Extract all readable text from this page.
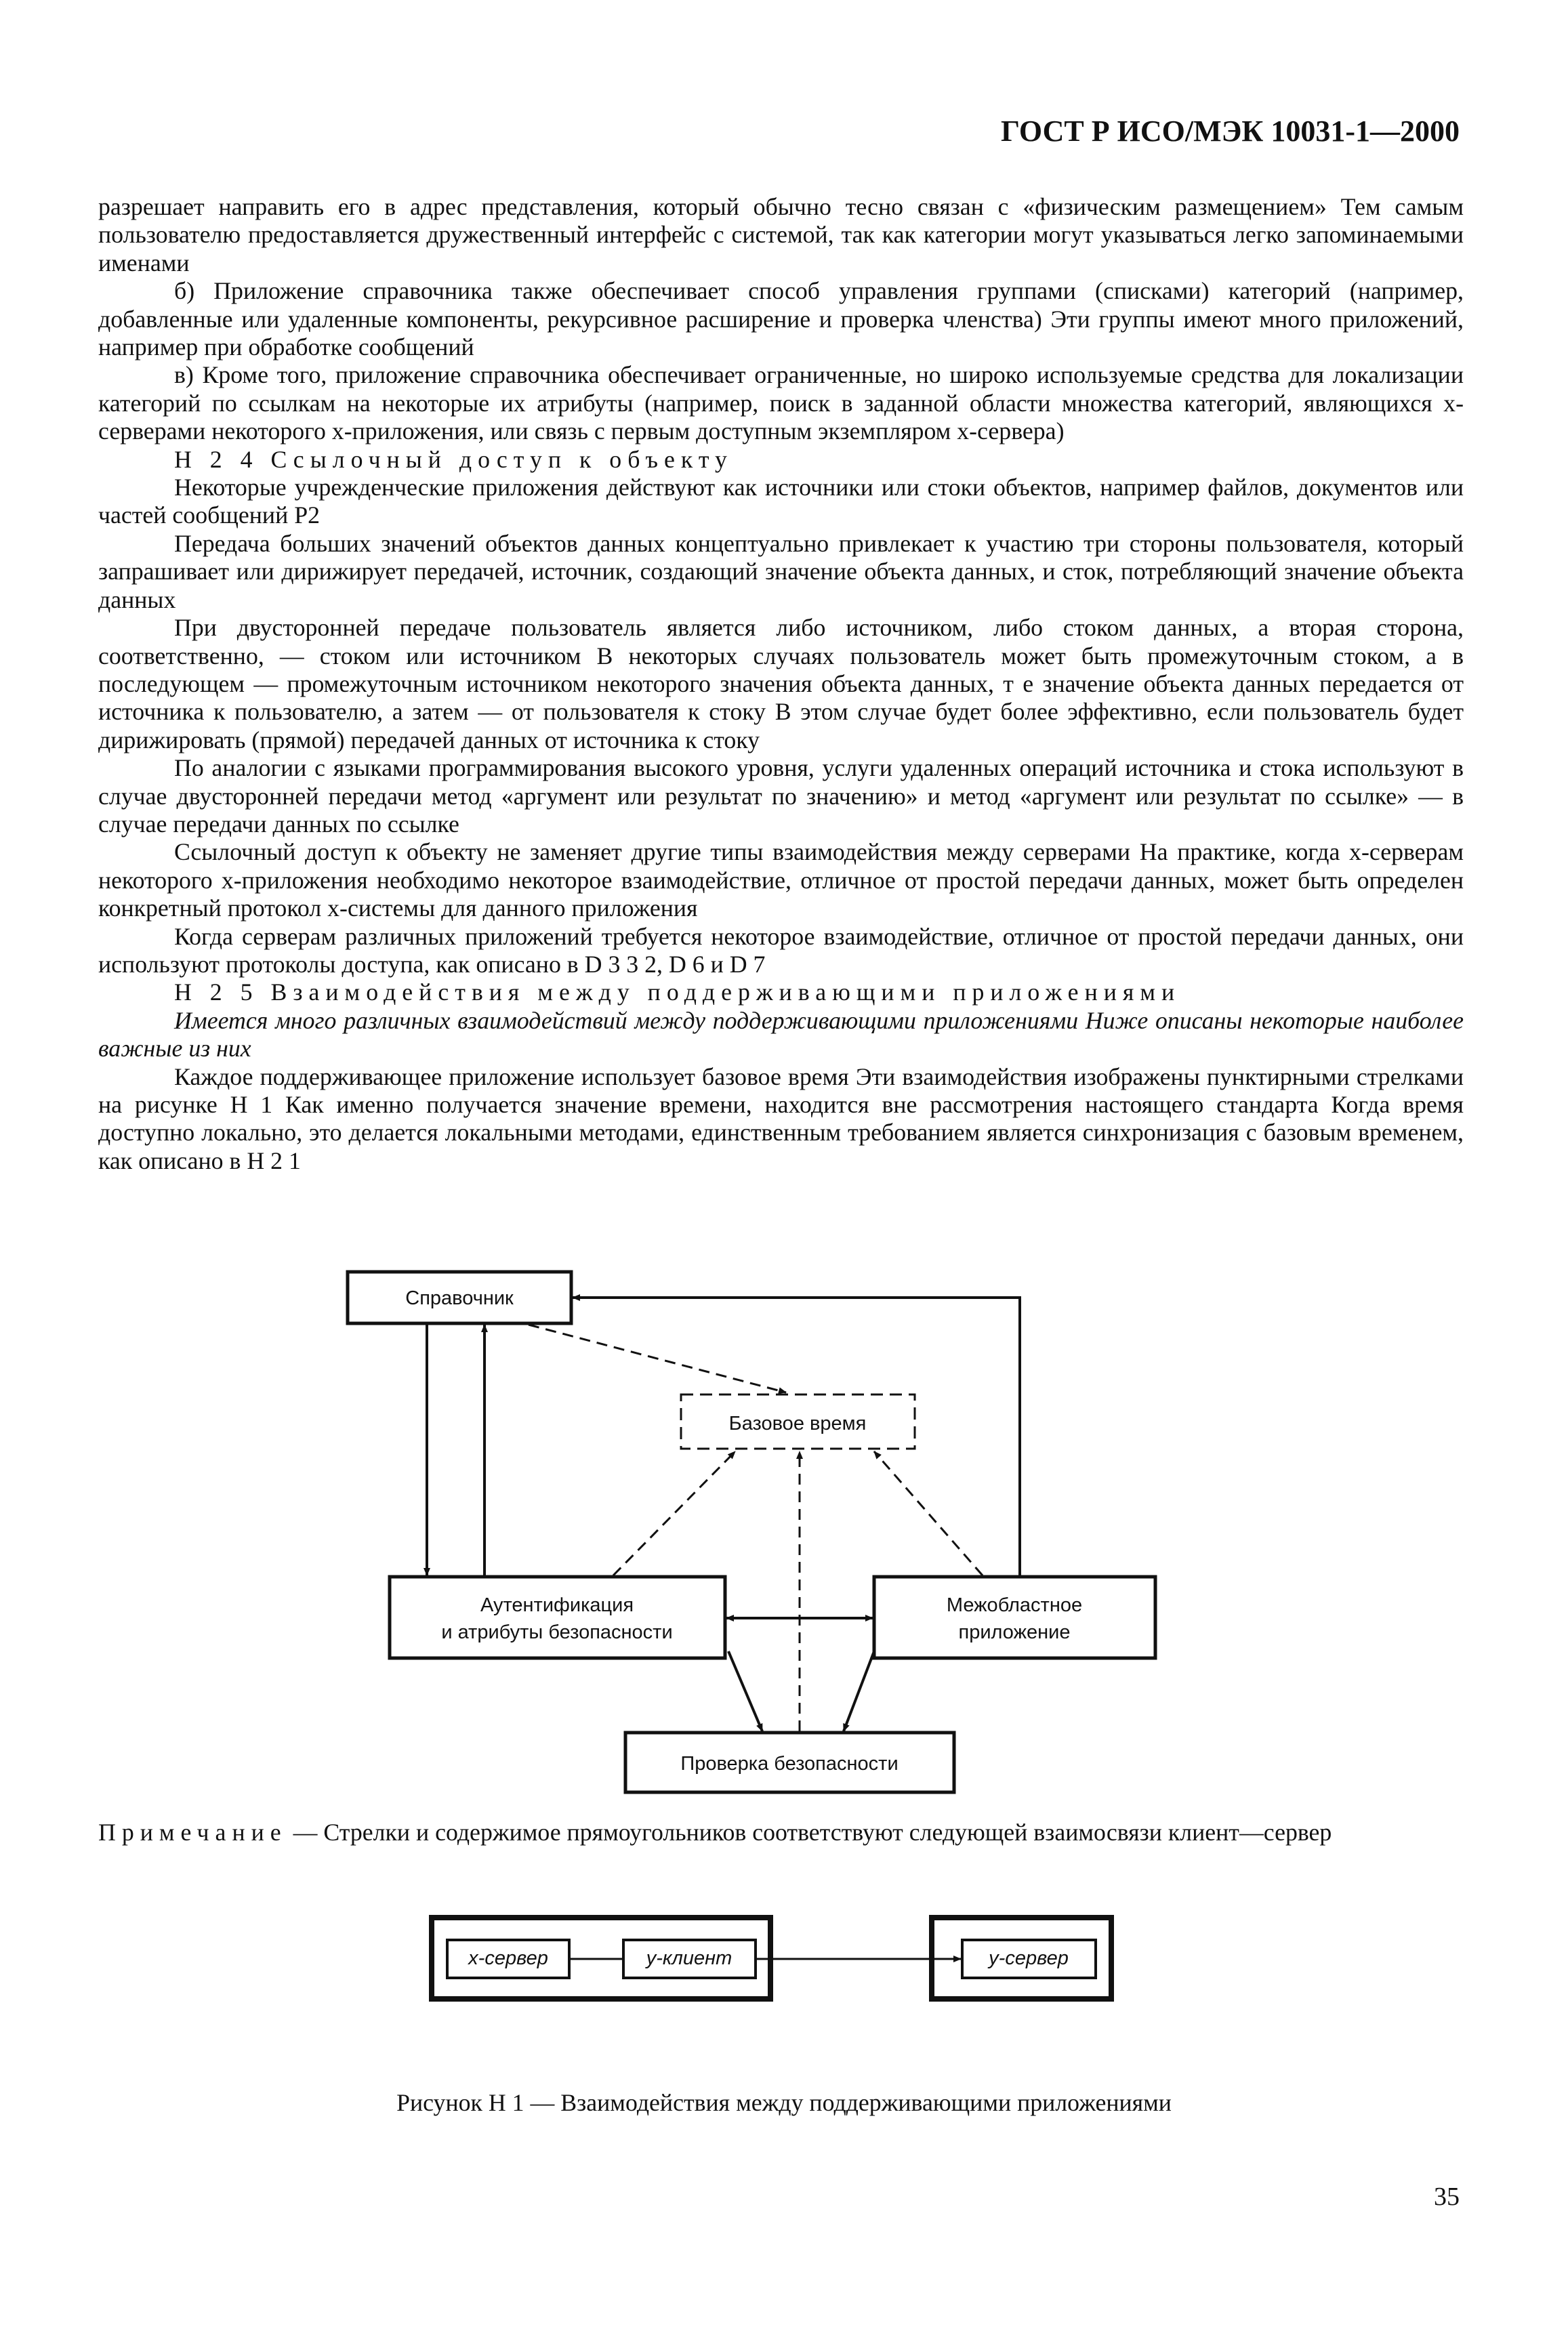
ГОСТ Р ИСО/МЭК 10031-1—2000

разрешает направить его в адрес представления, который обычно тесно связан с «физическим размещением» Тем самым пользователю предоставляется дружественный интерфейс с системой, так как категории могут указываться легко запоминаемыми именами

б) Приложение справочника также обеспечивает способ управления группами (списками) категорий (например, добавленные или удаленные компоненты, рекурсивное расширение и проверка членства) Эти группы имеют много приложений, например при обработке сообщений

в) Кроме того, приложение справочника обеспечивает ограниченные, но широко используемые средства для локализации категорий по ссылкам на некоторые их атрибуты (например, поиск в заданной области множества категорий, являющихся х-серверами некоторого х-приложения, или связь с первым доступным экземпляром х-сервера)

Н 2 4 Ссылочный доступ к объекту

Некоторые учрежденческие приложения действуют как источники или стоки объектов, например файлов, документов или частей сообщений Р2

Передача больших значений объектов данных концептуально привлекает к участию три стороны пользователя, который запрашивает или дирижирует передачей, источник, создающий значение объекта данных, и сток, потребляющий значение объекта данных

При двусторонней передаче пользователь является либо источником, либо стоком данных, а вторая сторона, соответственно, — стоком или источником В некоторых случаях пользователь может быть промежуточным стоком, а в последующем — промежуточным источником некоторого значения объекта данных, т е значение объекта данных передается от источника к пользователю, а затем — от пользователя к стоку В этом случае будет более эффективно, если пользователь будет дирижировать (прямой) передачей данных от источника к стоку

По аналогии с языками программирования высокого уровня, услуги удаленных операций источника и стока используют в случае двусторонней передачи метод «аргумент или результат по значению» и метод «аргумент или результат по ссылке» — в случае передачи данных по ссылке

Ссылочный доступ к объекту не заменяет другие типы взаимодействия между серверами На практике, когда х-серверам некоторого х-приложения необходимо некоторое взаимодействие, отличное от простой передачи данных, может быть определен конкретный протокол х-системы для данного приложения

Когда серверам различных приложений требуется некоторое взаимодействие, отличное от простой передачи данных, они используют протоколы доступа, как описано в D 3 3 2, D 6 и D 7

Н 2 5 Взаимодействия между поддерживающими приложениями

Имеется много различных взаимодействий между поддерживающими приложениями Ниже описаны некоторые наиболее важные из них

Каждое поддерживающее приложение использует базовое время Эти взаимодействия изображены пунктирными стрелками на рисунке Н 1 Как именно получается значение времени, находится вне рассмотрения настоящего стандарта Когда время доступно локально, это делается локальными методами, единственным требованием является синхронизация с базовым временем, как описано в Н 2 1

Справочник
Базовое время
Аутентификация
и атрибуты безопасности
Межобластное
приложение
Проверка безопасности
х-сервер	у-клиент	у-сервер
Примечание — Стрелки и содержимое прямоугольников соответствуют следующей взаимосвязи клиент—сервер
Рисунок Н 1 — Взаимодействия между поддерживающими приложениями
35
